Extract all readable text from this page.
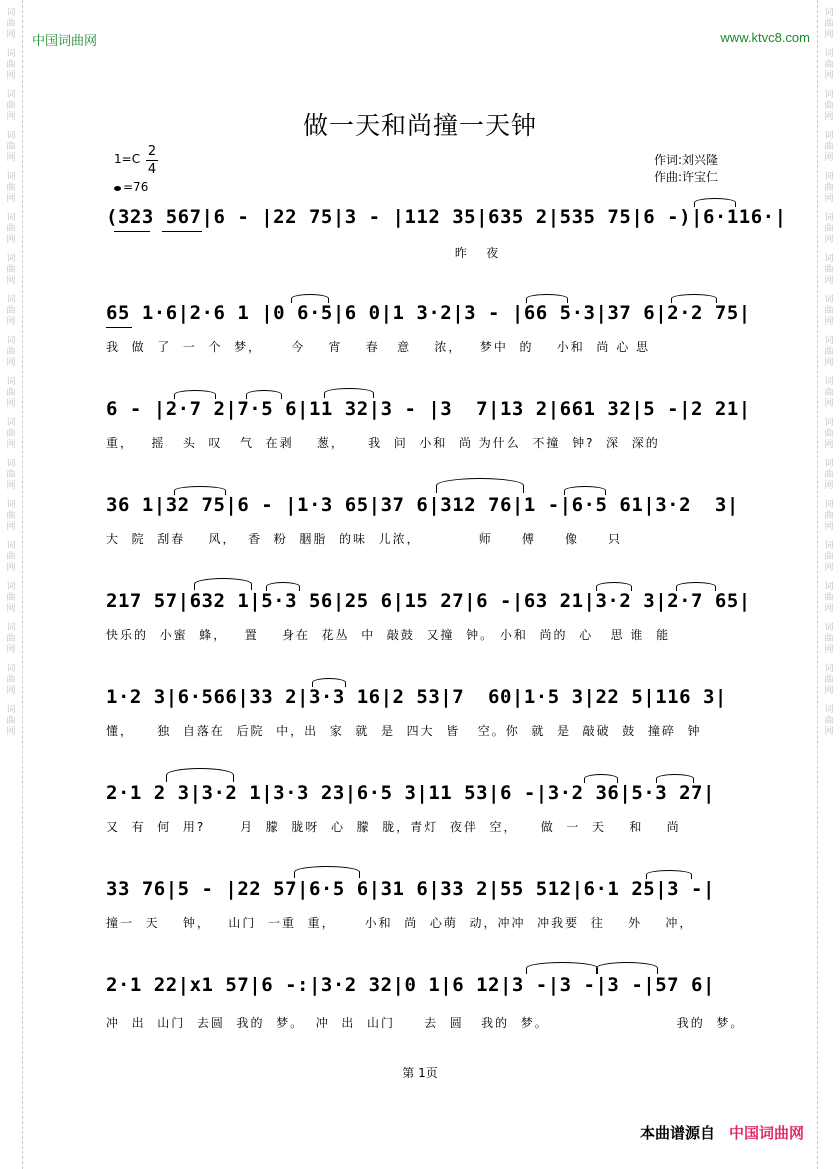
词
曲
网
词
曲
网
词
曲
网
词
曲
网
词
曲
网
词
曲
网
词
曲
网
词
曲
网
词
曲
网
词
曲
网
词
曲
网
词
曲
网
词
曲
网
词
曲
网
词
曲
网
词
曲
网
词
曲
网
词
曲
网
词
曲
网
词
曲
网
词
曲
网
词
曲
网
词
曲
网
词
曲
网
词
曲
网
词
曲
网
词
曲
网
词
曲
网
词
曲
网
词
曲
网
词
曲
网
词
曲
网
词
曲
网
词
曲
网
词
曲
网
词
曲
网
中国词曲网	www.ktvc8.com
做一天和尚撞一天钟
1=C 2
4
=76
作词:刘兴隆
作曲:许宝仁
(323 567|6 - |22 75|3 - |112 35|635 2|535 75|6 -)|6·116·|
昨   夜
65 1·6|2·6 1 |0 6·5|6 0|1 3·2|3 - |66 5·3|37 6|2·2 75|
我  做  了  一  个  梦，     今    宵    春   意    浓，   梦中  的    小和  尚 心 思
6 - |2·7 2|7·5 6|11 32|3 - |3  7|13 2|661 32|5 -|2 21|
重，   摇   头  叹   气  在剥    葱，    我  问  小和  尚 为什么  不撞  钟?  深  深的
36 1|32 75|6 - |1·3 65|37 6|312 76|1 -|6·5 61|3·2  3|
大  院  刮春    风，  香  粉  胭脂  的味  儿浓，          师     傅     像     只
217 57|632 1|5·3 56|25 6|15 27|6 -|63 21|3·2 3|2·7 65|
快乐的  小蜜  蜂，   置    身在  花丛  中  敲鼓  又撞  钟。 小和  尚的  心   思 谁  能
1·2 3|6·566|33 2|3·3 16|2 53|7  60|1·5 3|22 5|116 3|
懂，    独  自落在  后院  中，出  家  就  是  四大  皆   空。你  就  是  敲破  鼓  撞碎  钟
2·1 2 3|3·2 1|3·3 23|6·5 3|11 53|6 -|3·2 36|5·3 27|
又  有  何  用?      月  朦  胧呀  心  朦  胧，青灯  夜伴  空，    做  一  天    和    尚
33 76|5 - |22 57|6·5 6|31 6|33 2|55 512|6·1 25|3 -|
撞一  天    钟，   山门  一重  重，     小和  尚  心萌  动，冲冲  冲我要  往    外    冲，
2·1 22|x1 57|6 -:|3·2 32|0 1|6 12|3 -|3 -|3 -|57 6|
冲  出  山门  去圆  我的  梦。  冲  出  山门     去  圆   我的  梦。                      我的  梦。
第 1页
本曲谱源自 中国词曲网
